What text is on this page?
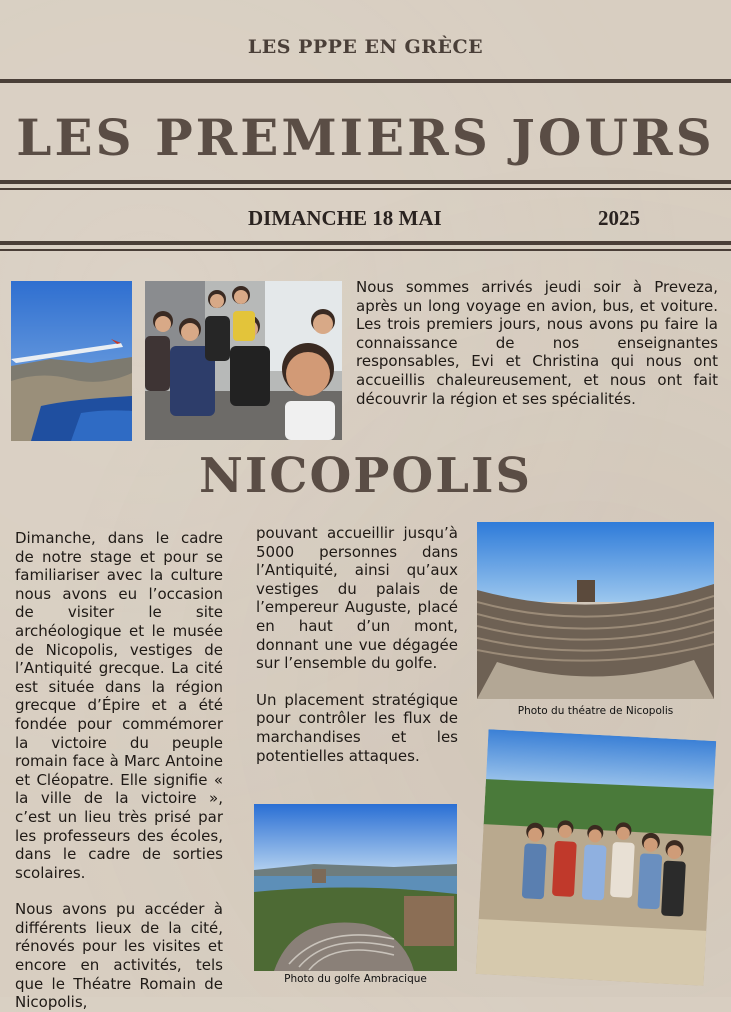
LES PPPE EN GRÈCE
LES PREMIERS JOURS
DIMANCHE 18 MAI	2025

Nous sommes arrivés jeudi soir à Preveza, après un long voyage en avion, bus, et voiture. Les trois premiers jours, nous avons pu faire la connaissance de nos enseignantes responsables, Evi et Christina qui nous ont accueillis chaleureusement, et nous ont fait découvrir la région et ses spécialités.

NICOPOLIS

Dimanche, dans le cadre de notre stage et pour se familiariser avec la culture nous avons eu l’occasion de visiter le site archéologique et le musée de Nicopolis, vestiges de l’Antiquité grecque. La cité est située dans la région grecque d’Épire et a été fondée pour commémorer la victoire du peuple romain face à Marc Antoine et Cléopatre. Elle signifie « la ville de la victoire », c’est un lieu très prisé par les professeurs des écoles, dans le cadre de sorties scolaires.

Nous avons pu accéder à différents lieux de la cité, rénovés pour les visites et encore en activités, tels que le Théatre Romain de Nicopolis,

pouvant accueillir jusqu’à 5000 personnes dans l’Antiquité, ainsi qu’aux vestiges du palais de l’empereur Auguste, placé en haut d’un mont, donnant une vue dégagée sur l’ensemble du golfe.

Un placement stratégique pour contrôler les flux de marchandises et les potentielles attaques.

Photo du théatre de Nicopolis
Photo du golfe Ambracique
